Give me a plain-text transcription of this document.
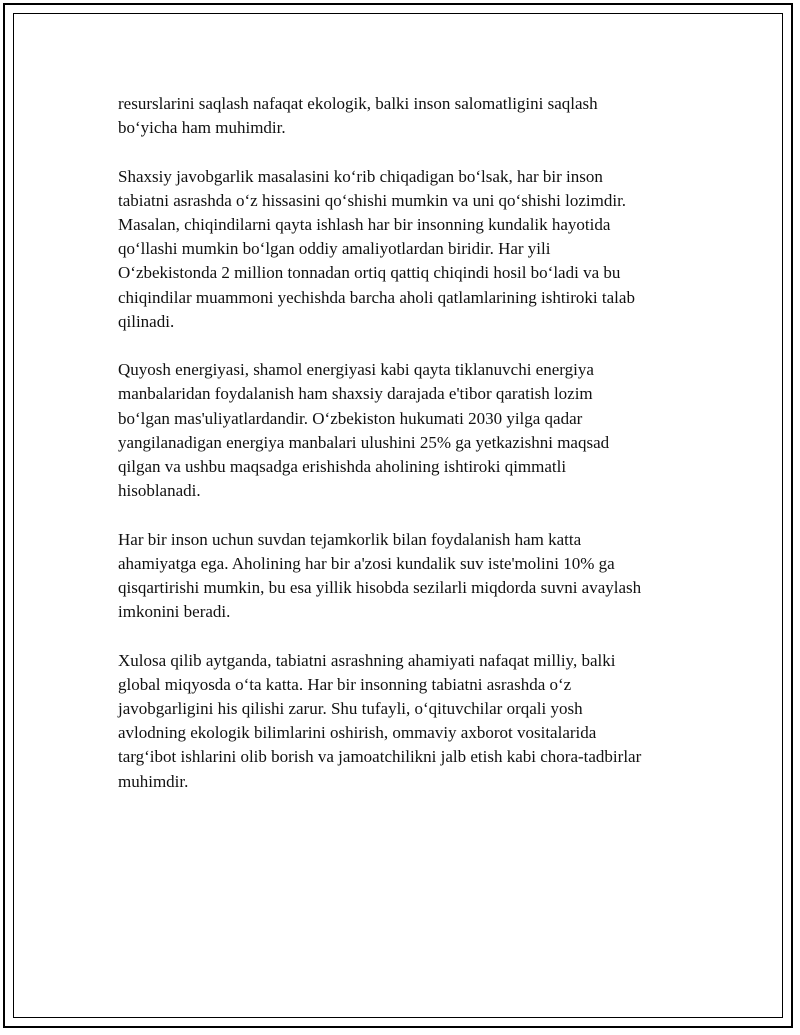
resurslarini saqlash nafaqat ekologik, balki inson salomatligini saqlash
bo‘yicha ham muhimdir.

Shaxsiy javobgarlik masalasini ko‘rib chiqadigan bo‘lsak, har bir inson
tabiatni asrashda o‘z hissasini qo‘shishi mumkin va uni qo‘shishi lozimdir.
Masalan, chiqindilarni qayta ishlash har bir insonning kundalik hayotida
qo‘llashi mumkin bo‘lgan oddiy amaliyotlardan biridir. Har yili
O‘zbekistonda 2 million tonnadan ortiq qattiq chiqindi hosil bo‘ladi va bu
chiqindilar muammoni yechishda barcha aholi qatlamlarining ishtiroki talab
qilinadi.

Quyosh energiyasi, shamol energiyasi kabi qayta tiklanuvchi energiya
manbalaridan foydalanish ham shaxsiy darajada e'tibor qaratish lozim
bo‘lgan mas'uliyatlardandir. O‘zbekiston hukumati 2030 yilga qadar
yangilanadigan energiya manbalari ulushini 25% ga yetkazishni maqsad
qilgan va ushbu maqsadga erishishda aholining ishtiroki qimmatli
hisoblanadi.

Har bir inson uchun suvdan tejamkorlik bilan foydalanish ham katta
ahamiyatga ega. Aholining har bir a'zosi kundalik suv iste'molini 10% ga
qisqartirishi mumkin, bu esa yillik hisobda sezilarli miqdorda suvni avaylash
imkonini beradi.

Xulosa qilib aytganda, tabiatni asrashning ahamiyati nafaqat milliy, balki
global miqyosda o‘ta katta. Har bir insonning tabiatni asrashda o‘z
javobgarligini his qilishi zarur. Shu tufayli, o‘qituvchilar orqali yosh
avlodning ekologik bilimlarini oshirish, ommaviy axborot vositalarida
targ‘ibot ishlarini olib borish va jamoatchilikni jalb etish kabi chora-tadbirlar
muhimdir.
